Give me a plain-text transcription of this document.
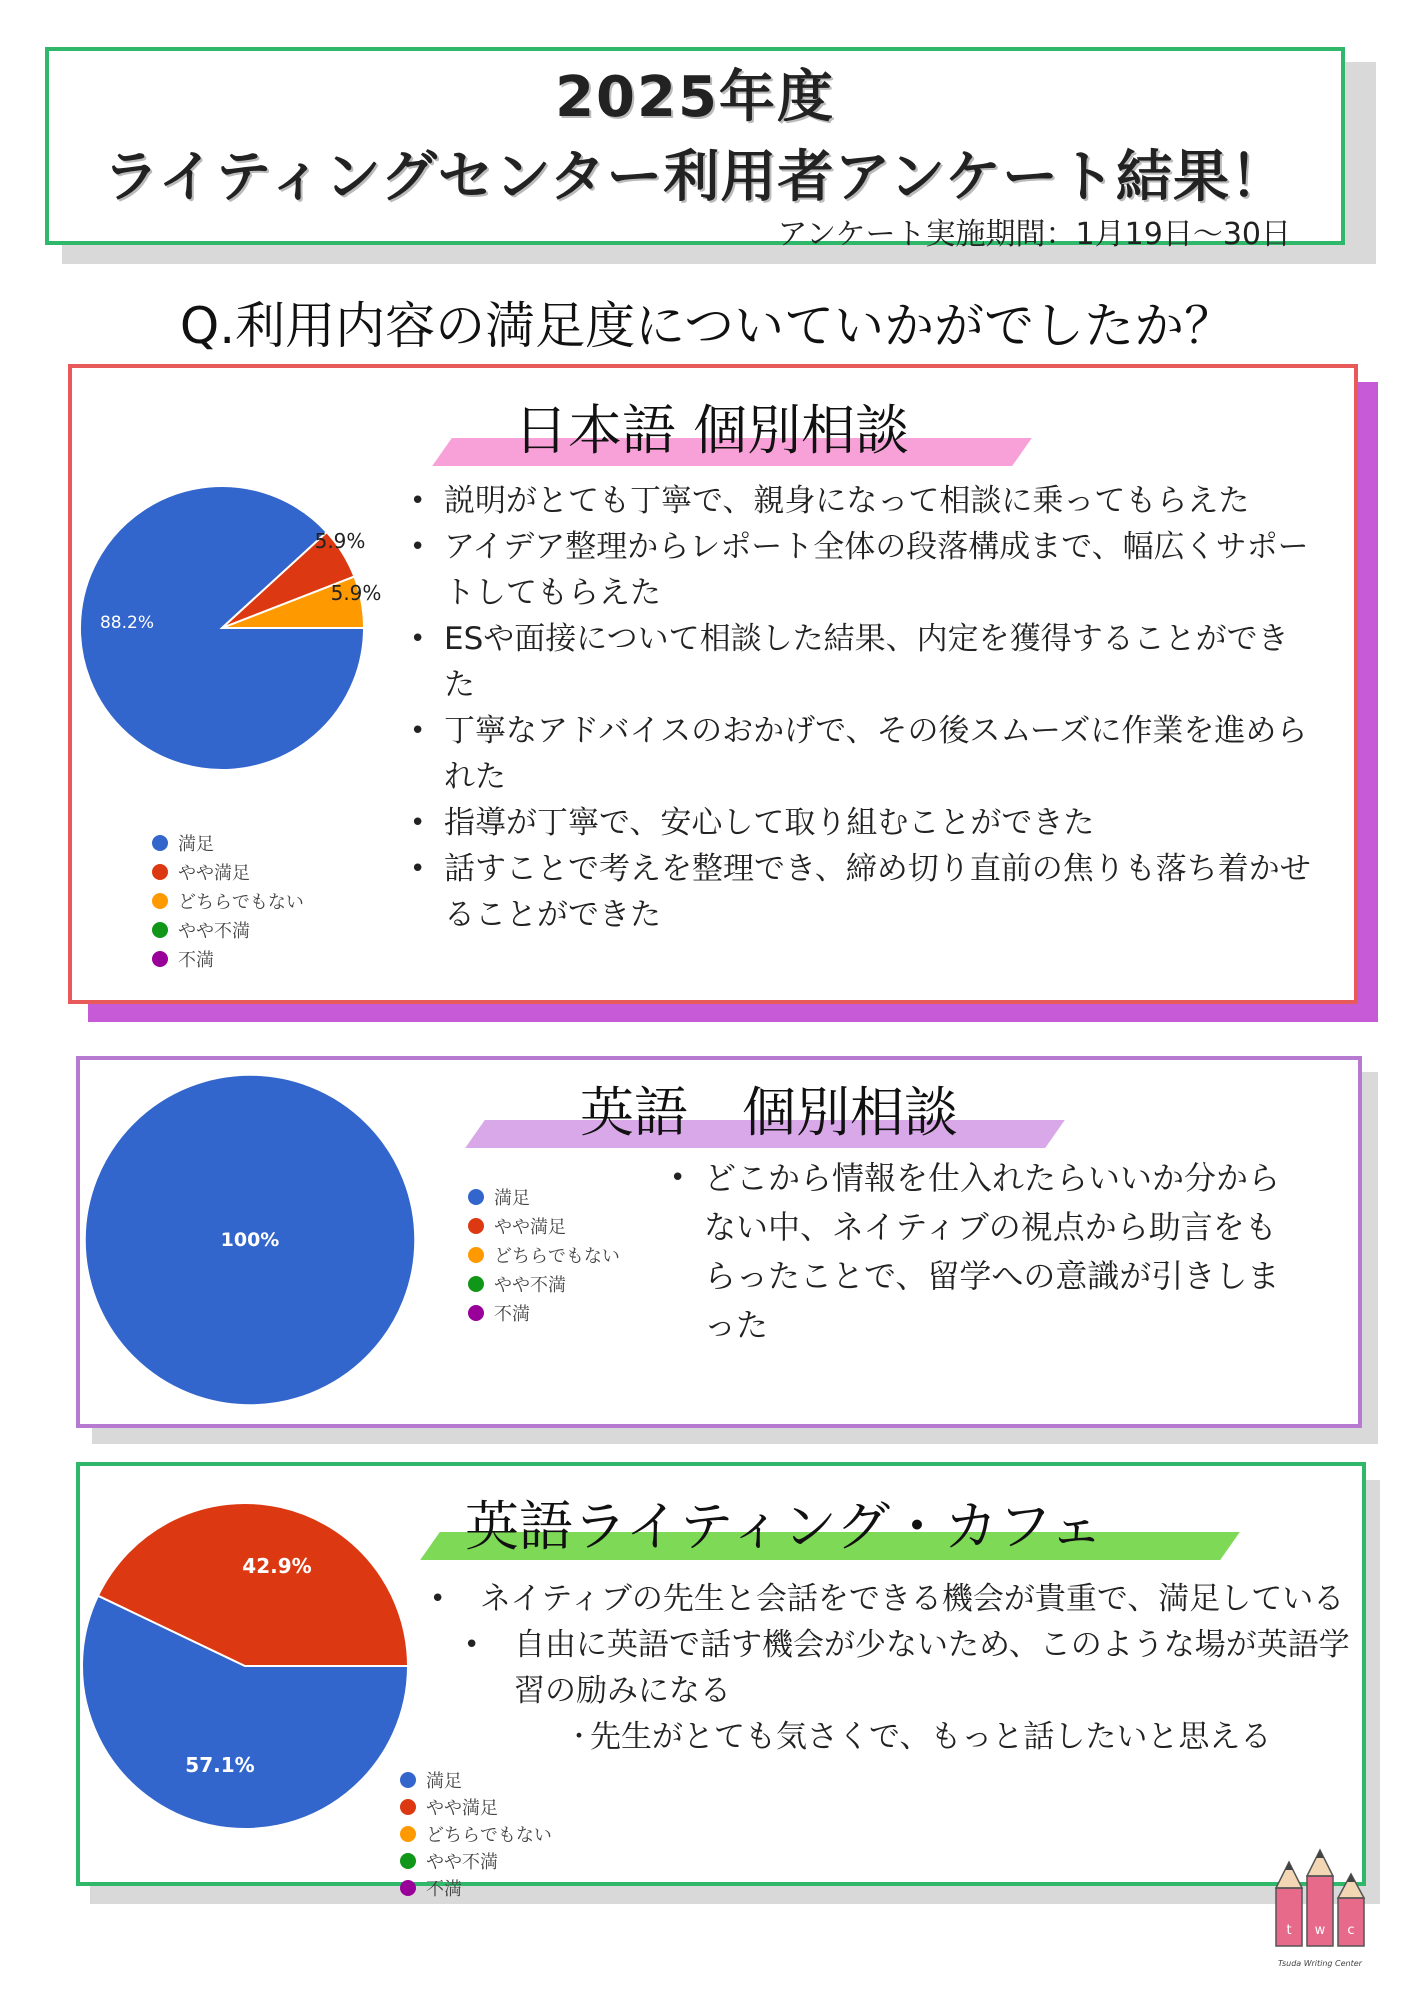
2025年度
ライティングセンター利用者アンケート結果！
アンケート実施期間：1月19日～30日
Q.利用内容の満足度についていかがでしたか？
日本語 個別相談
88.2%
5.9%
5.9%
満足
やや満足
どちらでもない
やや不満
不満
• 説明がとても丁寧で、親身になって相談に乗ってもらえた
• アイデア整理からレポート全体の段落構成まで、幅広くサポートしてもらえた
• ESや面接について相談した結果、内定を獲得することができた
• 丁寧なアドバイスのおかげで、その後スムーズに作業を進められた
• 指導が丁寧で、安心して取り組むことができた
• 話すことで考えを整理でき、締め切り直前の焦りも落ち着かせることができた
英語　個別相談
100%
満足
やや満足
どちらでもない
やや不満
不満
• どこから情報を仕入れたらいいか分からない中、ネイティブの視点から助言をもらったことで、留学への意識が引きしまった
英語ライティング・カフェ
57.1%
42.9%
満足
やや満足
どちらでもない
やや不満
不満
• ネイティブの先生と会話をできる機会が貴重で、満足している
• 自由に英語で話す機会が少ないため、このような場が英語学習の励みになる
・
先生がとても気さくで、もっと話したいと思える
t w c
Tsuda Writing Center
